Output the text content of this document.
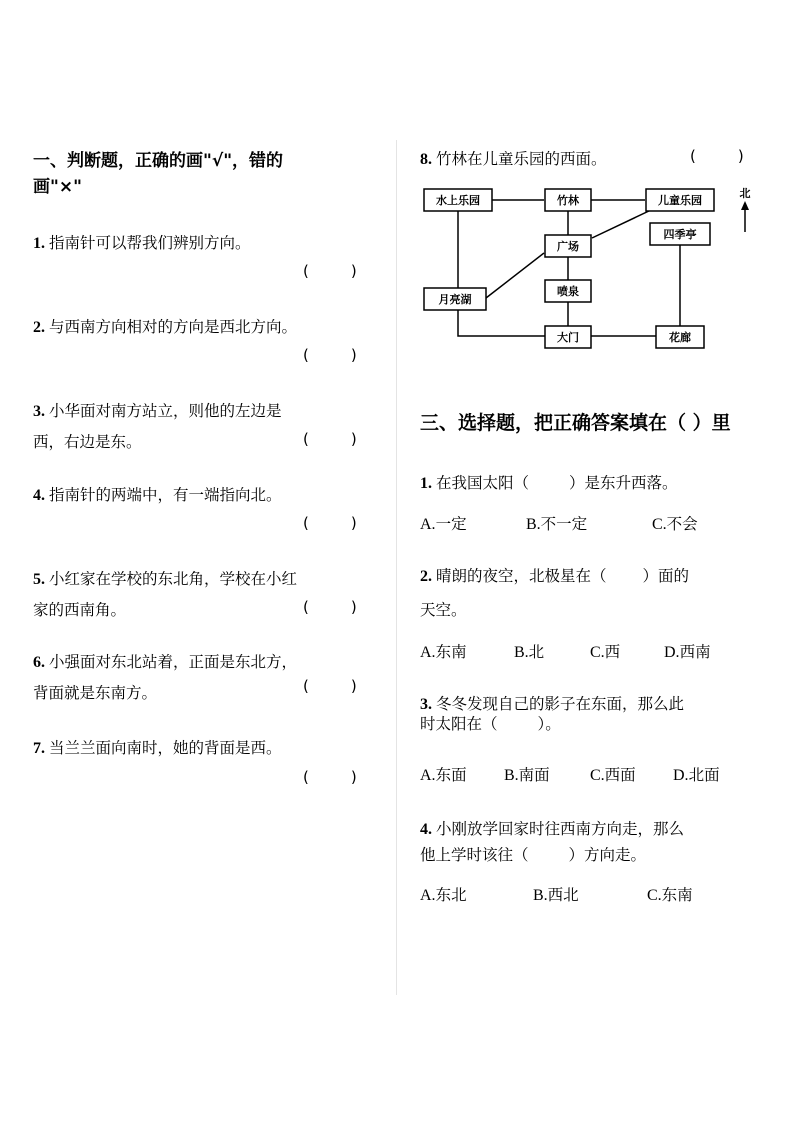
一、判断题，正确的画"√"，错的
画"×"
1. 指南针可以帮我们辨别方向。
(	)
2. 与西南方向相对的方向是西北方向。
(	)
3. 小华面对南方站立，则他的左边是
西，右边是东。	(	)
4. 指南针的两端中，有一端指向北。
(	)
5. 小红家在学校的东北角，学校在小红
家的西南角。	(	)
6. 小强面对东北站着，正面是东北方，
背面就是东南方。	(	)
7. 当兰兰面向南时，她的背面是西。
(	)
8. 竹林在儿童乐园的西面。	(	)
水上乐园	竹林	儿童乐园
广场
四季亭
喷泉
月亮湖
大门	花廊
北
三、选择题，把正确答案填在（ ）里
1. 在我国太阳（	）是东升西落。
A.一定	B.不一定	C.不会
2. 晴朗的夜空，北极星在（ ）面的
天空。
A.东南	B.北	C.西	D.西南
3. 冬冬发现自己的影子在东面，那么此
时太阳在（	）。
A.东面 B.南面	C.西面 D.北面
4. 小刚放学回家时往西南方向走，那么
他上学时该往（	）方向走。
A.东北	B.西北	C.东南
